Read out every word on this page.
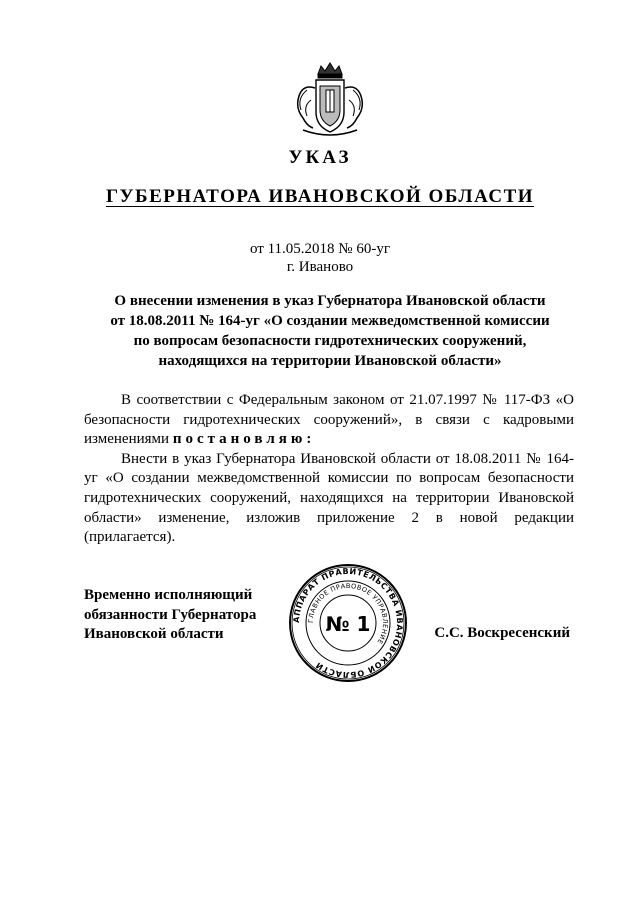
УКАЗ
ГУБЕРНАТОРА ИВАНОВСКОЙ ОБЛАСТИ
от 11.05.2018 № 60-уг
г. Иваново
О внесении изменения в указ Губернатора Ивановской области
от 18.08.2011 № 164-уг «О создании межведомственной комиссии
по вопросам безопасности гидротехнических сооружений,
находящихся на территории Ивановской области»

В соответствии с Федеральным законом от 21.07.1997 № 117-ФЗ «О безопасности гидротехнических сооружений», в связи с кадровыми изменениями постановляю:

Внести в указ Губернатора Ивановской области от 18.08.2011 № 164-уг «О создании межведомственной комиссии по вопросам безопасности гидротехнических сооружений, находящихся на территории Ивановской области» изменение, изложив приложение 2 в новой редакции (прилагается).

Временно исполняющий
обязанности Губернатора
Ивановской области
АППАРАТ ПРАВИТЕЛЬСТВА ИВАНОВСКОЙ ОБЛАСТИ
ГЛАВНОЕ ПРАВОВОЕ УПРАВЛЕНИЕ
№ 1	С.С. Воскресенский
